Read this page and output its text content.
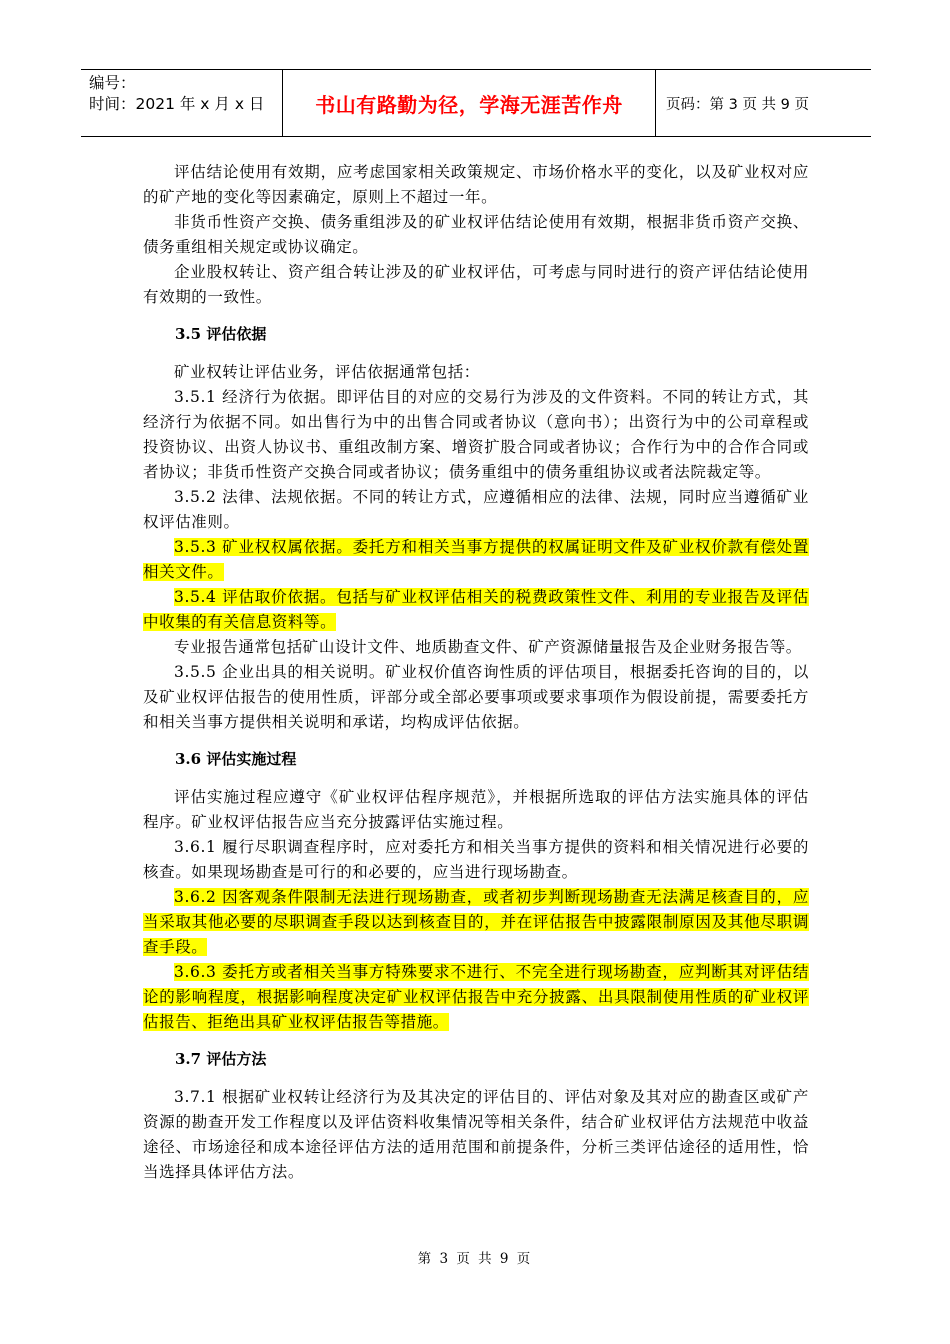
编号：
时间：2021 年 x 月 x 日	书山有路勤为径，学海无涯苦作舟	页码：第 3 页 共 9 页

评估结论使用有效期，应考虑国家相关政策规定、市场价格水平的变化，以及矿业权对应的矿产地的变化等因素确定，原则上不超过一年。

非货币性资产交换、债务重组涉及的矿业权评估结论使用有效期，根据非货币资产交换、债务重组相关规定或协议确定。

企业股权转让、资产组合转让涉及的矿业权评估，可考虑与同时进行的资产评估结论使用有效期的一致性。

3.5 评估依据

矿业权转让评估业务，评估依据通常包括：

3.5.1 经济行为依据。即评估目的对应的交易行为涉及的文件资料。不同的转让方式，其经济行为依据不同。如出售行为中的出售合同或者协议（意向书）；出资行为中的公司章程或投资协议、出资人协议书、重组改制方案、增资扩股合同或者协议；合作行为中的合作合同或者协议；非货币性资产交换合同或者协议；债务重组中的债务重组协议或者法院裁定等。

3.5.2 法律、法规依据。不同的转让方式，应遵循相应的法律、法规，同时应当遵循矿业权评估准则。

3.5.3 矿业权权属依据。委托方和相关当事方提供的权属证明文件及矿业权价款有偿处置相关文件。

3.5.4 评估取价依据。包括与矿业权评估相关的税费政策性文件、利用的专业报告及评估中收集的有关信息资料等。

专业报告通常包括矿山设计文件、地质勘查文件、矿产资源储量报告及企业财务报告等。

3.5.5 企业出具的相关说明。矿业权价值咨询性质的评估项目，根据委托咨询的目的，以及矿业权评估报告的使用性质，评部分或全部必要事项或要求事项作为假设前提，需要委托方和相关当事方提供相关说明和承诺，均构成评估依据。

3.6 评估实施过程

评估实施过程应遵守《矿业权评估程序规范》，并根据所选取的评估方法实施具体的评估程序。矿业权评估报告应当充分披露评估实施过程。

3.6.1 履行尽职调查程序时，应对委托方和相关当事方提供的资料和相关情况进行必要的核查。如果现场勘查是可行的和必要的，应当进行现场勘查。

3.6.2 因客观条件限制无法进行现场勘查，或者初步判断现场勘查无法满足核查目的，应当采取其他必要的尽职调查手段以达到核查目的，并在评估报告中披露限制原因及其他尽职调查手段。

3.6.3 委托方或者相关当事方特殊要求不进行、不完全进行现场勘查，应判断其对评估结论的影响程度，根据影响程度决定矿业权评估报告中充分披露、出具限制使用性质的矿业权评估报告、拒绝出具矿业权评估报告等措施。

3.7 评估方法

3.7.1 根据矿业权转让经济行为及其决定的评估目的、评估对象及其对应的勘查区或矿产资源的勘查开发工作程度以及评估资料收集情况等相关条件，结合矿业权评估方法规范中收益途径、市场途径和成本途径评估方法的适用范围和前提条件，分析三类评估途径的适用性，恰当选择具体评估方法。

第 3 页 共 9 页
